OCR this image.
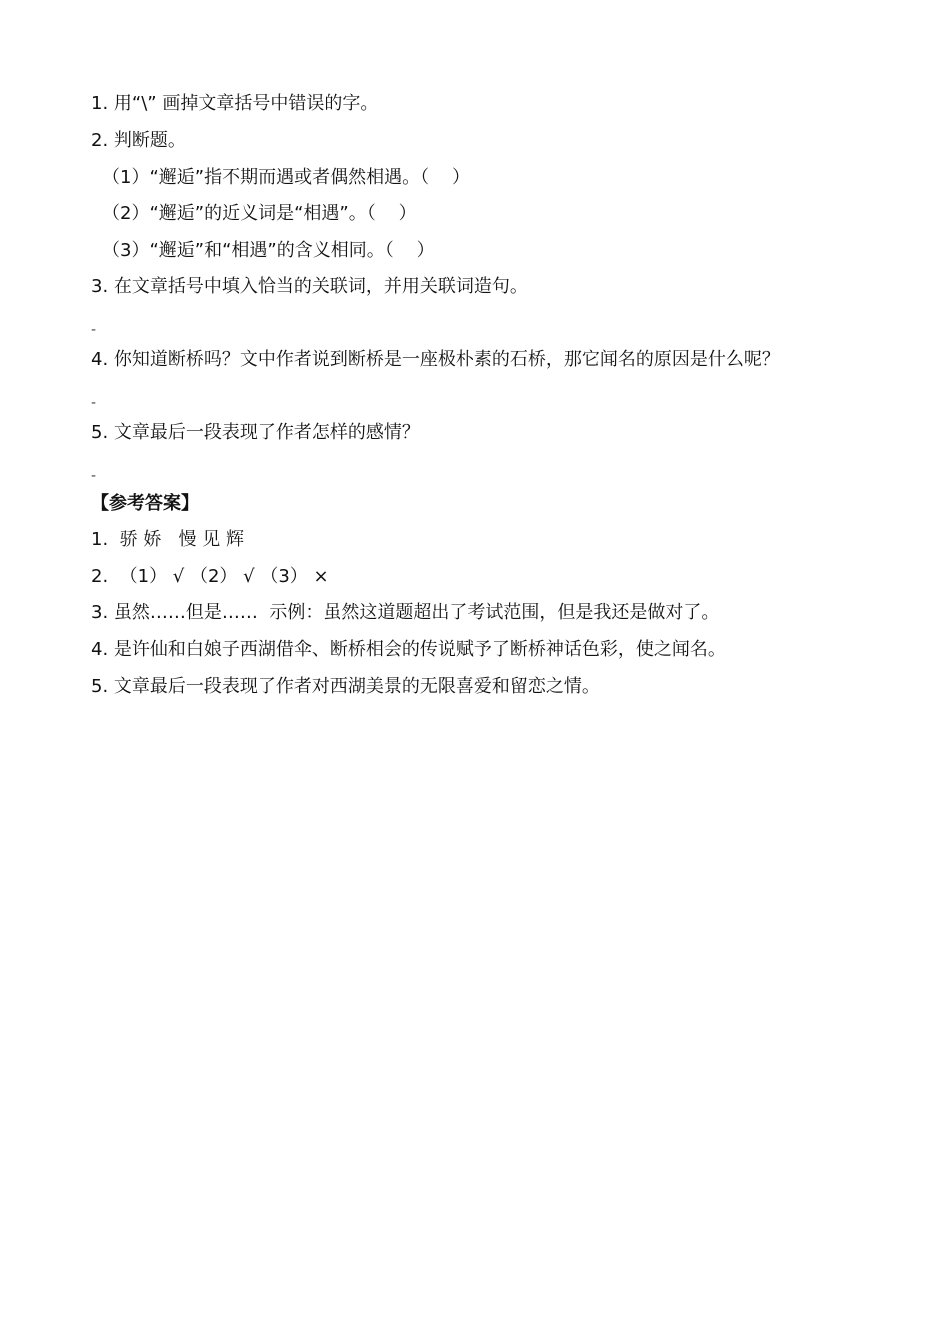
1. 用“\” 画掉文章括号中错误的字。
2. 判断题。
（1）“邂逅”指不期而遇或者偶然相遇。（    ）
（2）“邂逅”的近义词是“相遇”。（    ）
（3）“邂逅”和“相遇”的含义相同。（    ）
3. 在文章括号中填入恰当的关联词，并用关联词造句。
-
4. 你知道断桥吗？文中作者说到断桥是一座极朴素的石桥，那它闻名的原因是什么呢？
-
5. 文章最后一段表现了作者怎样的感情？
-
【参考答案】
1.  骄 娇   慢 见 辉
2.  （1） √ （2） √ （3） ×
3. 虽然……但是……  示例：虽然这道题超出了考试范围，但是我还是做对了。
4. 是许仙和白娘子西湖借伞、断桥相会的传说赋予了断桥神话色彩，使之闻名。
5. 文章最后一段表现了作者对西湖美景的无限喜爱和留恋之情。
